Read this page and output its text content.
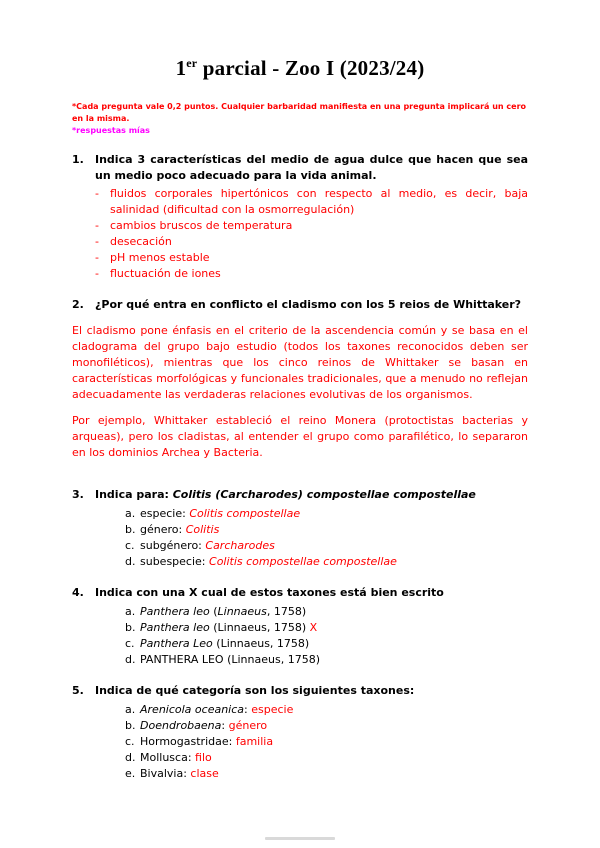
1er parcial - Zoo I (2023/24)

*Cada pregunta vale 0,2 puntos. Cualquier barbaridad manifiesta en una pregunta implicará un cero en la misma.

*respuestas mías

1.	Indica 3 características del medio de agua dulce que hacen que sea un medio poco adecuado para la vida animal.
-	fluidos corporales hipertónicos con respecto al medio, es decir, baja salinidad (dificultad con la osmorregulación)
-	cambios bruscos de temperatura
-	desecación
-	pH menos estable
-	fluctuación de iones
2.	¿Por qué entra en conflicto el cladismo con los 5 reios de Whittaker?

El cladismo pone énfasis en el criterio de la ascendencia común y se basa en el cladograma del grupo bajo estudio (todos los taxones reconocidos deben ser monofiléticos), mientras que los cinco reinos de Whittaker se basan en características morfológicas y funcionales tradicionales, que a menudo no reflejan adecuadamente las verdaderas relaciones evolutivas de los organismos.

Por ejemplo, Whittaker estableció el reino Monera (protoctistas bacterias y arqueas), pero los cladistas, al entender el grupo como parafilético, lo separaron en los dominios Archea y Bacteria.

3.	Indica para: Colitis (Carcharodes) compostellae compostellae
a. especie: Colitis compostellae
b. género: Colitis
c. subgénero: Carcharodes
d. subespecie: Colitis compostellae compostellae
4.	Indica con una X cual de estos taxones está bien escrito
a. Panthera leo (Linnaeus, 1758)
b. Panthera leo (Linnaeus, 1758) X
c. Panthera Leo (Linnaeus, 1758)
d. PANTHERA LEO (Linnaeus, 1758)
5.	Indica de qué categoría son los siguientes taxones:
a. Arenicola oceanica: especie
b. Doendrobaena: género
c. Hormogastridae: familia
d. Mollusca: filo
e. Bivalvia: clase
